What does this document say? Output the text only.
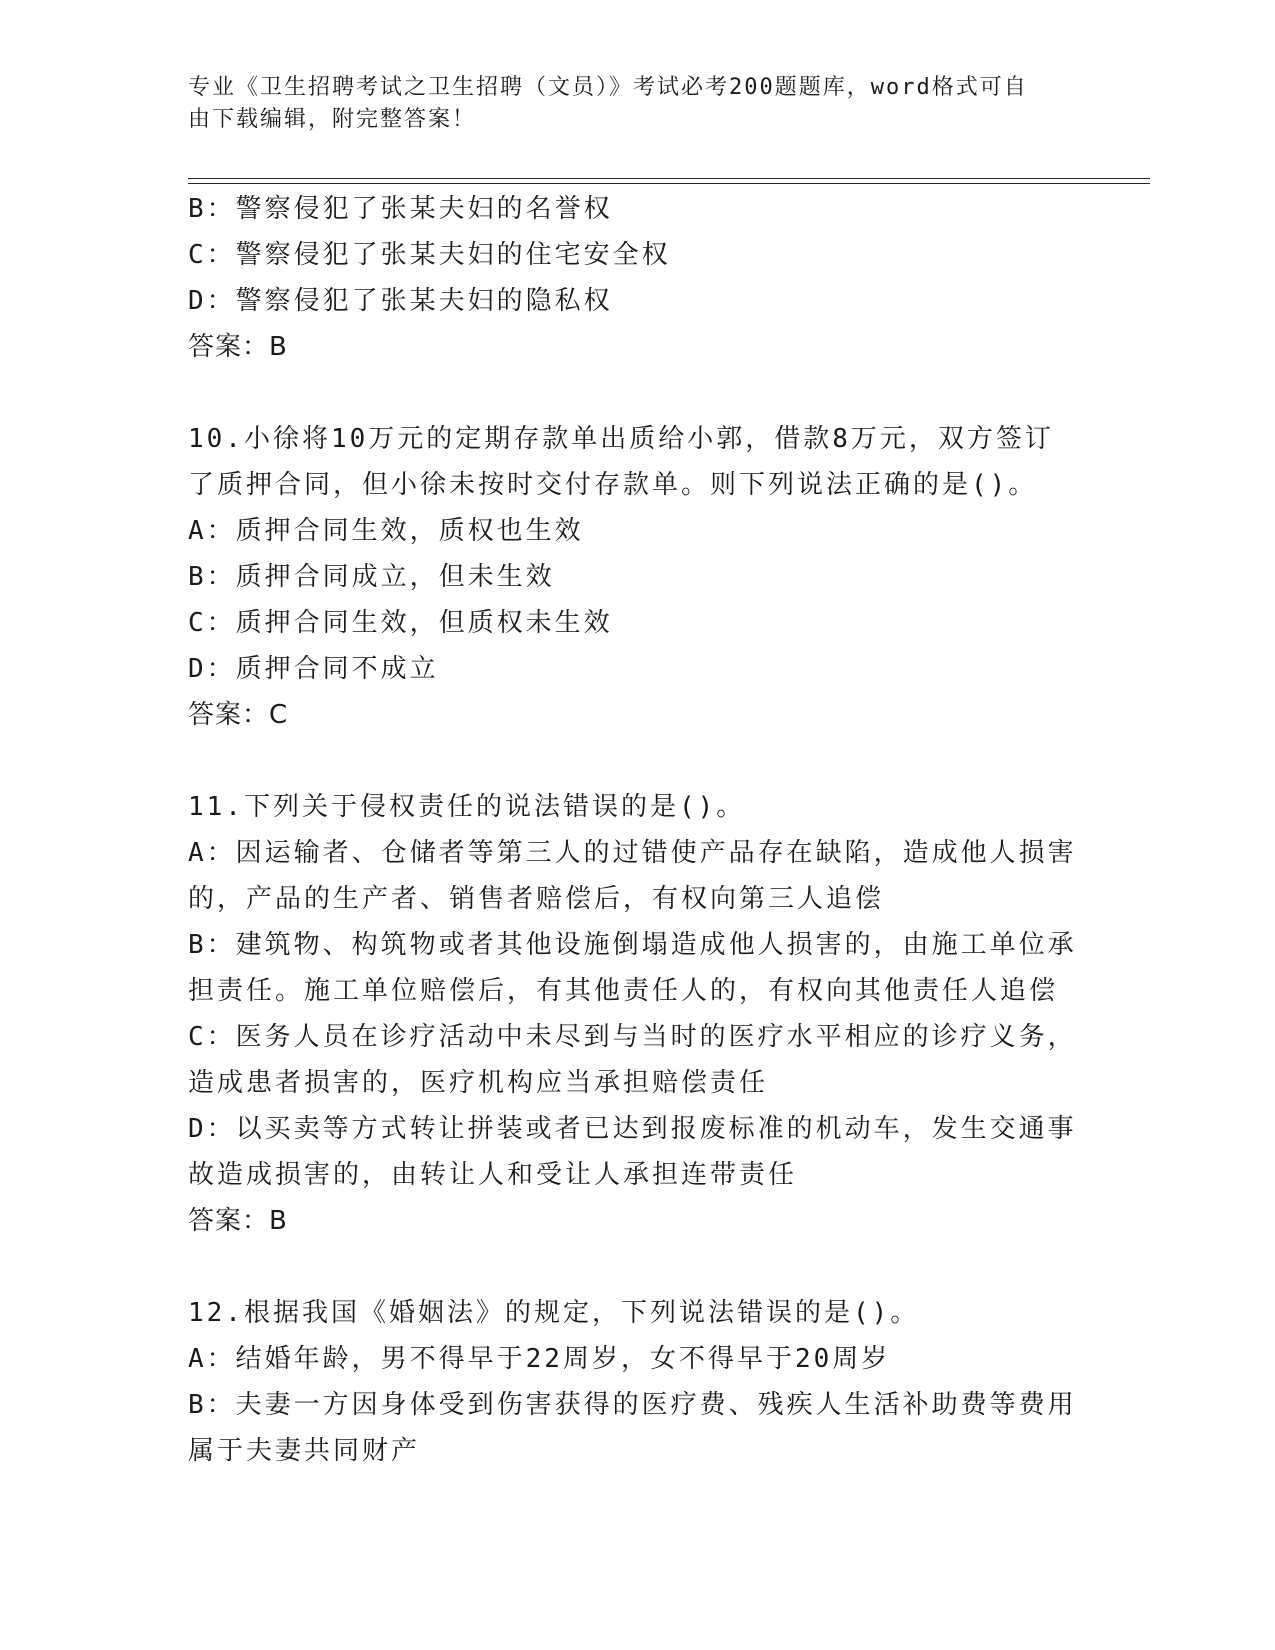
专业《卫生招聘考试之卫生招聘（文员）》考试必考200题题库，word格式可自
由下载编辑，附完整答案！
B：警察侵犯了张某夫妇的名誉权
C：警察侵犯了张某夫妇的住宅安全权
D：警察侵犯了张某夫妇的隐私权
答案：B
10.小徐将10万元的定期存款单出质给小郭，借款8万元，双方签订
了质押合同，但小徐未按时交付存款单。则下列说法正确的是()。
A：质押合同生效，质权也生效
B：质押合同成立，但未生效
C：质押合同生效，但质权未生效
D：质押合同不成立
答案：C
11.下列关于侵权责任的说法错误的是()。
A：因运输者、仓储者等第三人的过错使产品存在缺陷，造成他人损害
的，产品的生产者、销售者赔偿后，有权向第三人追偿
B：建筑物、构筑物或者其他设施倒塌造成他人损害的，由施工单位承
担责任。施工单位赔偿后，有其他责任人的，有权向其他责任人追偿
C：医务人员在诊疗活动中未尽到与当时的医疗水平相应的诊疗义务，
造成患者损害的，医疗机构应当承担赔偿责任
D：以买卖等方式转让拼装或者已达到报废标准的机动车，发生交通事
故造成损害的，由转让人和受让人承担连带责任
答案：B
12.根据我国《婚姻法》的规定，下列说法错误的是()。
A：结婚年龄，男不得早于22周岁，女不得早于20周岁
B：夫妻一方因身体受到伤害获得的医疗费、残疾人生活补助费等费用
属于夫妻共同财产
